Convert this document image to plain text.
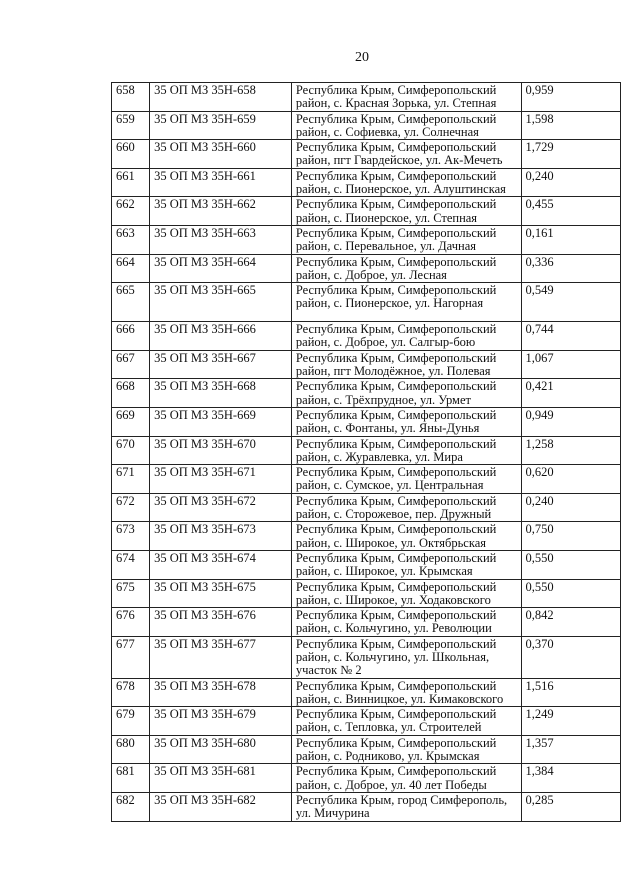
20
658	35 ОП МЗ 35Н-658	Республика Крым, Симферопольский
район, с. Красная Зорька, ул. Степная	0,959
659	35 ОП МЗ 35Н-659	Республика Крым, Симферопольский
район, с. Софиевка, ул. Солнечная	1,598
660	35 ОП МЗ 35Н-660	Республика Крым, Симферопольский
район, пгт Гвардейское, ул. Ак-Мечеть	1,729
661	35 ОП МЗ 35Н-661	Республика Крым, Симферопольский
район, с. Пионерское, ул. Алуштинская	0,240
662	35 ОП МЗ 35Н-662	Республика Крым, Симферопольский
район, с. Пионерское, ул. Степная	0,455
663	35 ОП МЗ 35Н-663	Республика Крым, Симферопольский
район, с. Перевальное, ул. Дачная	0,161
664	35 ОП МЗ 35Н-664	Республика Крым, Симферопольский
район, с. Доброе, ул. Лесная	0,336
665	35 ОП МЗ 35Н-665	Республика Крым, Симферопольский
район, с. Пионерское, ул. Нагорная	0,549
666	35 ОП МЗ 35Н-666	Республика Крым, Симферопольский
район, с. Доброе, ул. Салгыр-бою	0,744
667	35 ОП МЗ 35Н-667	Республика Крым, Симферопольский
район, пгт Молодёжное, ул. Полевая	1,067
668	35 ОП МЗ 35Н-668	Республика Крым, Симферопольский
район, с. Трёхпрудное, ул. Урмет	0,421
669	35 ОП МЗ 35Н-669	Республика Крым, Симферопольский
район, с. Фонтаны, ул. Яны-Дунья	0,949
670	35 ОП МЗ 35Н-670	Республика Крым, Симферопольский
район, с. Журавлевка, ул. Мира	1,258
671	35 ОП МЗ 35Н-671	Республика Крым, Симферопольский
район, с. Сумское, ул. Центральная	0,620
672	35 ОП МЗ 35Н-672	Республика Крым, Симферопольский
район, с. Сторожевое, пер. Дружный	0,240
673	35 ОП МЗ 35Н-673	Республика Крым, Симферопольский
район, с. Широкое, ул. Октябрьская	0,750
674	35 ОП МЗ 35Н-674	Республика Крым, Симферопольский
район, с. Широкое, ул. Крымская	0,550
675	35 ОП МЗ 35Н-675	Республика Крым, Симферопольский
район, с. Широкое, ул. Ходаковского	0,550
676	35 ОП МЗ 35Н-676	Республика Крым, Симферопольский
район, с. Кольчугино, ул. Революции	0,842
677	35 ОП МЗ 35Н-677	Республика Крым, Симферопольский
район, с. Кольчугино, ул. Школьная,
участок № 2	0,370
678	35 ОП МЗ 35Н-678	Республика Крым, Симферопольский
район, с. Винницкое, ул. Кимаковского	1,516
679	35 ОП МЗ 35Н-679	Республика Крым, Симферопольский
район, с. Тепловка, ул. Строителей	1,249
680	35 ОП МЗ 35Н-680	Республика Крым, Симферопольский
район, с. Родниково, ул. Крымская	1,357
681	35 ОП МЗ 35Н-681	Республика Крым, Симферопольский
район, с. Доброе, ул. 40 лет Победы	1,384
682	35 ОП МЗ 35Н-682	Республика Крым, город Симферополь,
ул. Мичурина	0,285
